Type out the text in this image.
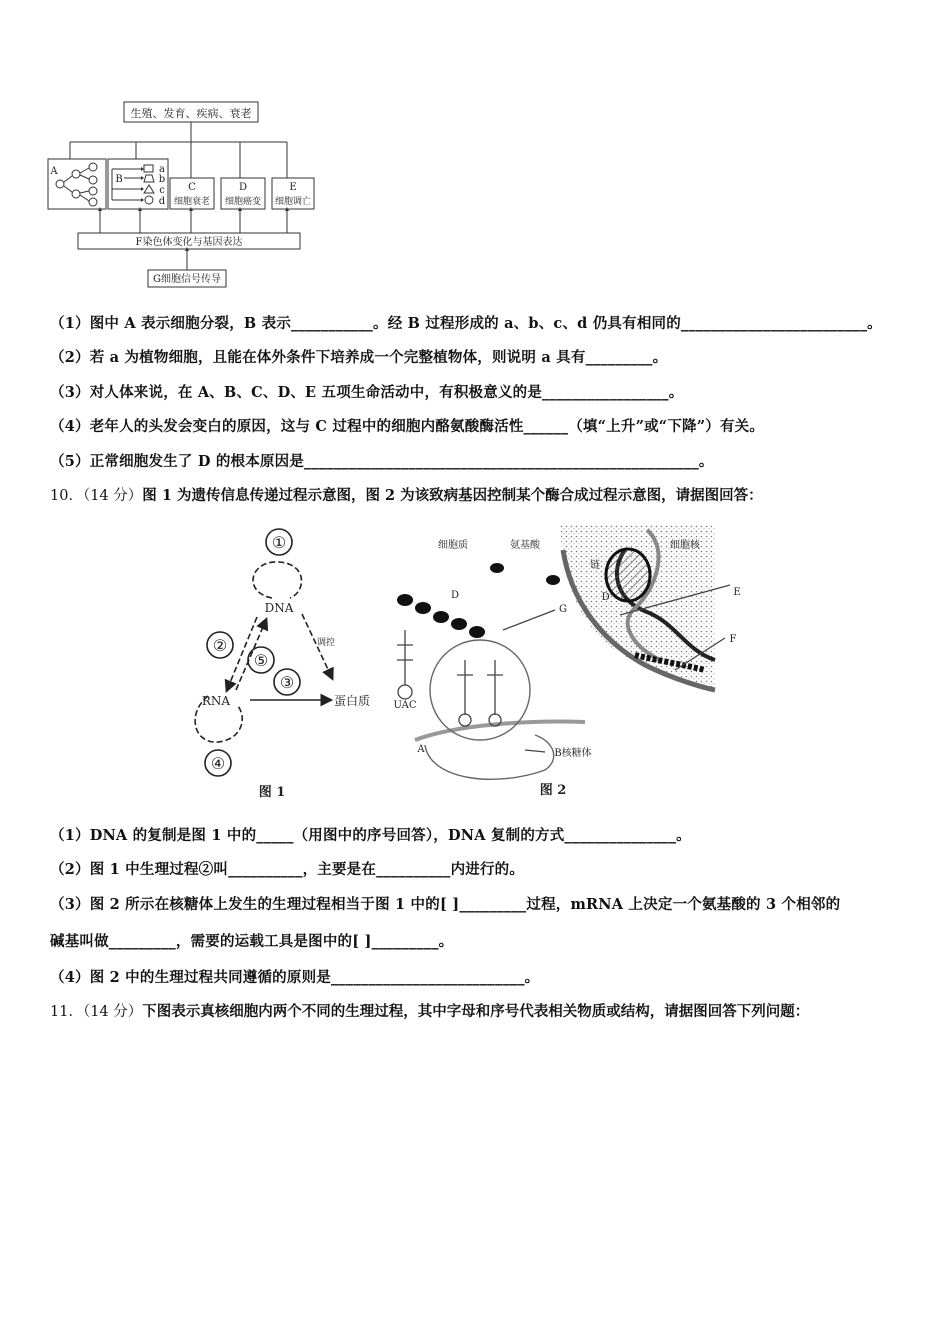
生殖、发育、疾病、衰老
A
B
a
b
c
d
C
细胞衰老
D
细胞癌变
E
细胞调亡
F染色体变化与基因表达
G细胞信号传导
（1）图中 A 表示细胞分裂，B 表示___________。经 B 过程形成的 a、b、c、d 仍具有相同的_________________________。
（2）若 a 为植物细胞，且能在体外条件下培养成一个完整植物体，则说明 a 具有_________。
（3）对人体来说，在 A、B、C、D、E 五项生命活动中，有积极意义的是_________________。
（4）老年人的头发会变白的原因，这与 C 过程中的细胞内酪氨酸酶活性______（填“上升”或“下降”）有关。
（5）正常细胞发生了 D 的根本原因是_____________________________________________________。
10．（14 分）图 1 为遗传信息传递过程示意图，图 2 为该致病基因控制某个酶合成过程示意图，请据图回答：
①
②
⑤
③
④
DNA
RNA	蛋白质
调控
图 1
细胞质	氨基酸	细胞核
链
D	D'	E
F
G
A
UAC
B核糖体
图 2
（1）DNA 的复制是图 1 中的_____（用图中的序号回答），DNA 复制的方式_______________。
（2）图 1 中生理过程②叫__________，主要是在__________内进行的。
（3）图 2 所示在核糖体上发生的生理过程相当于图 1 中的[ ]_________过程，mRNA 上决定一个氨基酸的 3 个相邻的
碱基叫做_________，需要的运载工具是图中的[ ]_________。
（4）图 2 中的生理过程共同遵循的原则是__________________________。
11．（14 分）下图表示真核细胞内两个不同的生理过程，其中字母和序号代表相关物质或结构，请据图回答下列问题：
